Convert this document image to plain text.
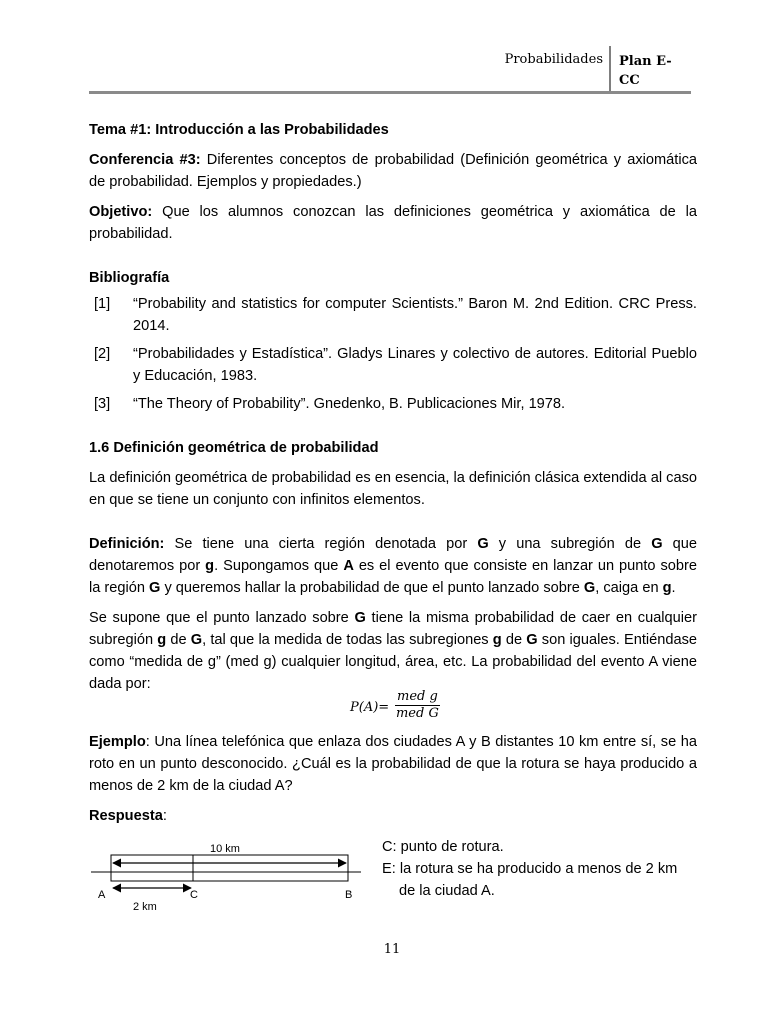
Probabilidades Plan E-CC

Tema #1: Introducción a las Probabilidades

Conferencia #3: Diferentes conceptos de probabilidad (Definición geométrica y axiomática de probabilidad. Ejemplos y propiedades.)

Objetivo: Que los alumnos conozcan las definiciones geométrica y axiomática de la probabilidad.

Bibliografía

[1]	“Probability and statistics for computer Scientists.” Baron M. 2nd Edition. CRC Press. 2014.
[2]	“Probabilidades y Estadística”. Gladys Linares y colectivo de autores. Editorial Pueblo y Educación, 1983.
[3]	“The Theory of Probability”. Gnedenko, B. Publicaciones Mir, 1978.

1.6 Definición geométrica de probabilidad

La definición geométrica de probabilidad es en esencia, la definición clásica extendida al caso en que se tiene un conjunto con infinitos elementos.

Definición: Se tiene una cierta región denotada por G y una subregión de G que denotaremos por g. Supongamos que A es el evento que consiste en lanzar un punto sobre la región G y queremos hallar la probabilidad de que el punto lanzado sobre G, caiga en g.

Se supone que el punto lanzado sobre G tiene la misma probabilidad de caer en cualquier subregión g de G, tal que la medida de todas las subregiones g de G son iguales. Entiéndase como “medida de g” (med g) cualquier longitud, área, etc. La probabilidad del evento A viene dada por:

P(A)=
med g
med G

Ejemplo: Una línea telefónica que enlaza dos ciudades A y B distantes 10 km entre sí, se ha roto en un punto desconocido. ¿Cuál es la probabilidad de que la rotura se haya producido a menos de 2 km de la ciudad A?

Respuesta:

10 km
2 km
A	C	B
C: punto de rotura.
E: la rotura se ha producido a menos de 2 km
de la ciudad A.
11
